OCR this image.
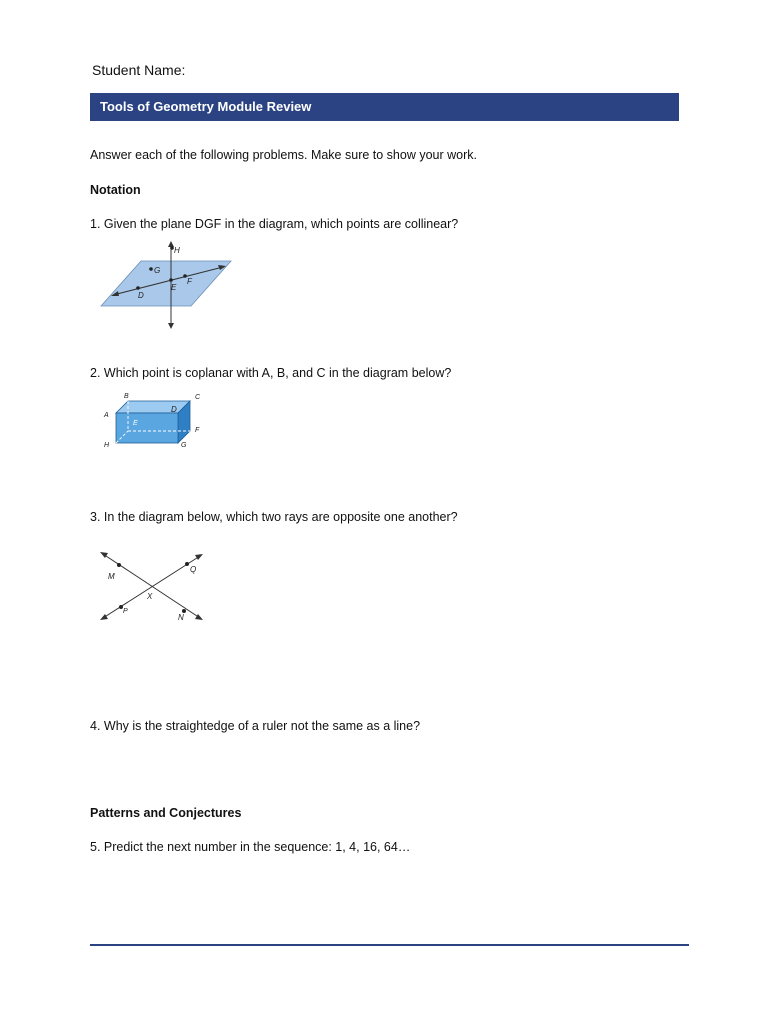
Student Name:
Tools of Geometry Module Review
Answer each of the following problems. Make sure to show your work.
Notation
1. Given the plane DGF in the diagram, which points are collinear?
H
G
D
E
F
2. Which point is coplanar with A, B, and C in the diagram below?
B	C
A
D
E
F
G
H
3. In the diagram below, which two rays are opposite one another?
M
Q
X
P
N
4. Why is the straightedge of a ruler not the same as a line?
Patterns and Conjectures
5. Predict the next number in the sequence: 1, 4, 16, 64…
